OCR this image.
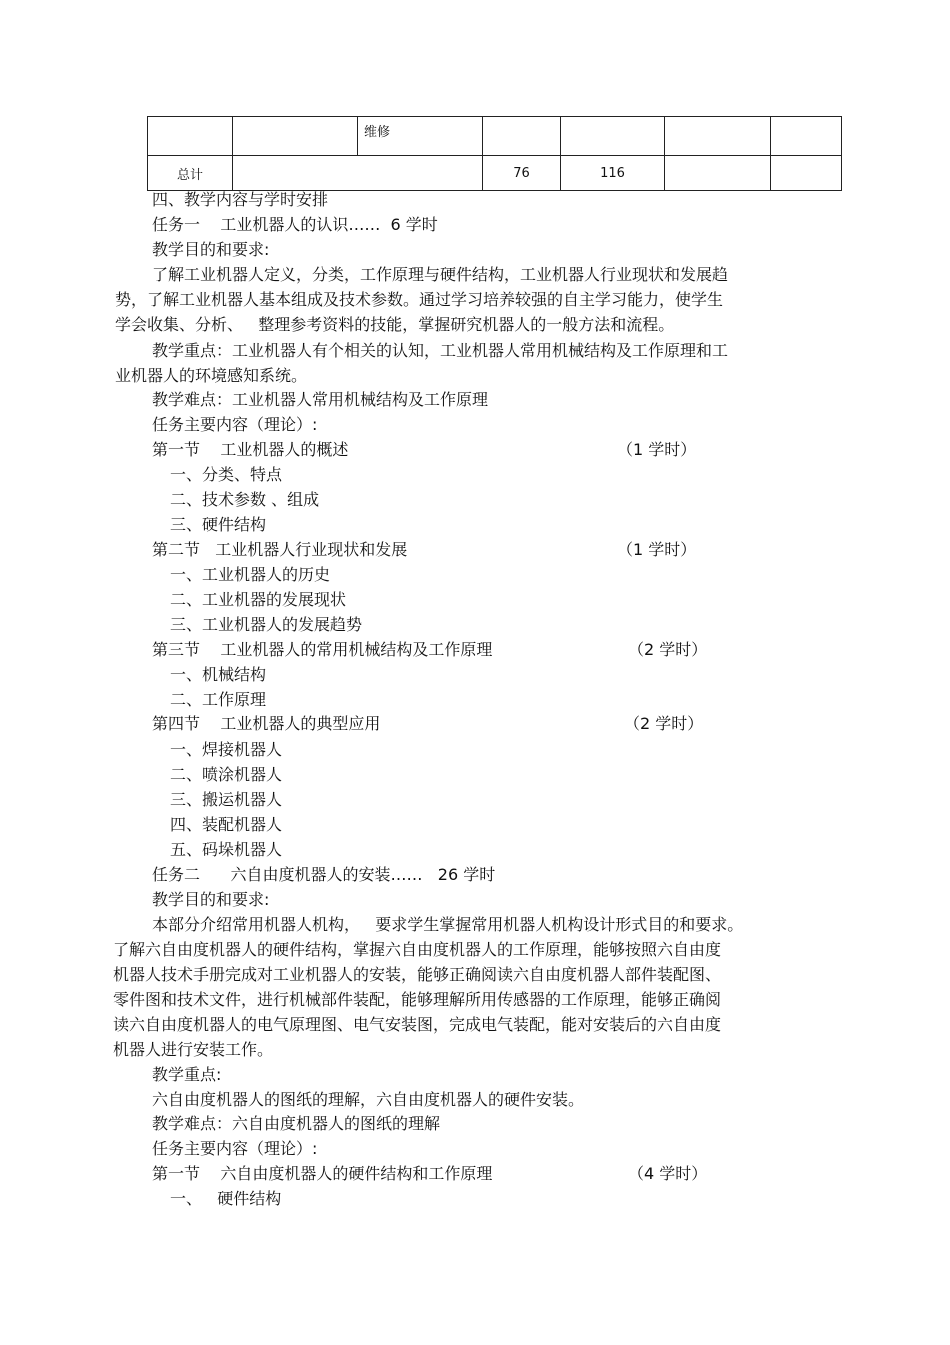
		维修				
总计			76	116		
四、教学内容与学时安排
任务一    工业机器人的认识……  6 学时
教学目的和要求:
了解工业机器人定义，分类，工作原理与硬件结构，工业机器人行业现状和发展趋
势，了解工业机器人基本组成及技术参数。通过学习培养较强的自主学习能力，使学生
学会收集、分析、   整理参考资料的技能，掌握研究机器人的一般方法和流程。
教学重点：工业机器人有个相关的认知，工业机器人常用机械结构及工作原理和工
业机器人的环境感知系统。
教学难点：工业机器人常用机械结构及工作原理
任务主要内容（理论）:
第一节    工业机器人的概述	（1 学时）
一、分类、特点
二、技术参数 、组成
三、硬件结构
第二节   工业机器人行业现状和发展	（1 学时）
一、工业机器人的历史
二、工业机器的发展现状
三、工业机器人的发展趋势
第三节    工业机器人的常用机械结构及工作原理	（2 学时）
一、机械结构
二、工作原理
第四节    工业机器人的典型应用	（2 学时）
一、焊接机器人
二、喷涂机器人
三、搬运机器人
四、装配机器人
五、码垛机器人
任务二      六自由度机器人的安装……   26 学时
教学目的和要求:
本部分介绍常用机器人机构，   要求学生掌握常用机器人机构设计形式目的和要求。
了解六自由度机器人的硬件结构，掌握六自由度机器人的工作原理，能够按照六自由度
机器人技术手册完成对工业机器人的安装，能够正确阅读六自由度机器人部件装配图、
零件图和技术文件，进行机械部件装配，能够理解所用传感器的工作原理，能够正确阅
读六自由度机器人的电气原理图、电气安装图，完成电气装配，能对安装后的六自由度
机器人进行安装工作。
教学重点:
六自由度机器人的图纸的理解，六自由度机器人的硬件安装。
教学难点：六自由度机器人的图纸的理解
任务主要内容（理论）:
第一节    六自由度机器人的硬件结构和工作原理	（4 学时）
一、   硬件结构
